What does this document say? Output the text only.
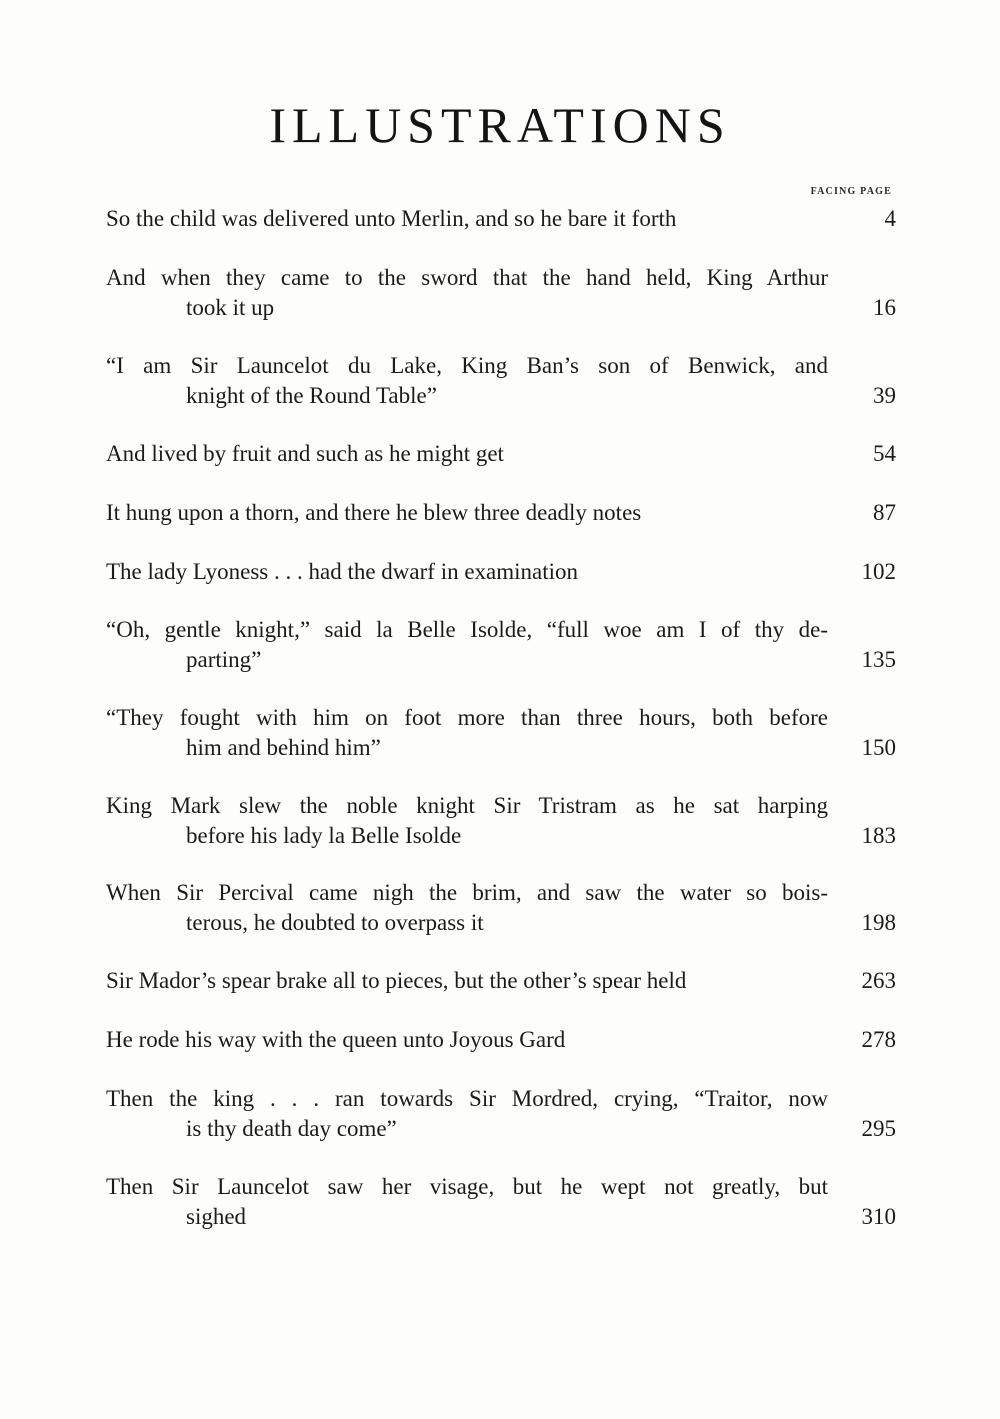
ILLUSTRATIONS
FACING PAGE
So the child was delivered unto Merlin, and so he bare it forth	4
And when they came to the sword that the hand held, King Arthur
took it up	16
“I am Sir Launcelot du Lake, King Ban’s son of Benwick, and
knight of the Round Table”	39
And lived by fruit and such as he might get	54
It hung upon a thorn, and there he blew three deadly notes	87
The lady Lyoness . . . had the dwarf in examination	102
“Oh, gentle knight,” said la Belle Isolde, “full woe am I of thy de-
parting”	135
“They fought with him on foot more than three hours, both before
him and behind him”	150
King Mark slew the noble knight Sir Tristram as he sat harping
before his lady la Belle Isolde	183
When Sir Percival came nigh the brim, and saw the water so bois-
terous, he doubted to overpass it	198
Sir Mador’s spear brake all to pieces, but the other’s spear held	263
He rode his way with the queen unto Joyous Gard	278
Then the king . . . ran towards Sir Mordred, crying, “Traitor, now
is thy death day come”	295
Then Sir Launcelot saw her visage, but he wept not greatly, but
sighed	310
